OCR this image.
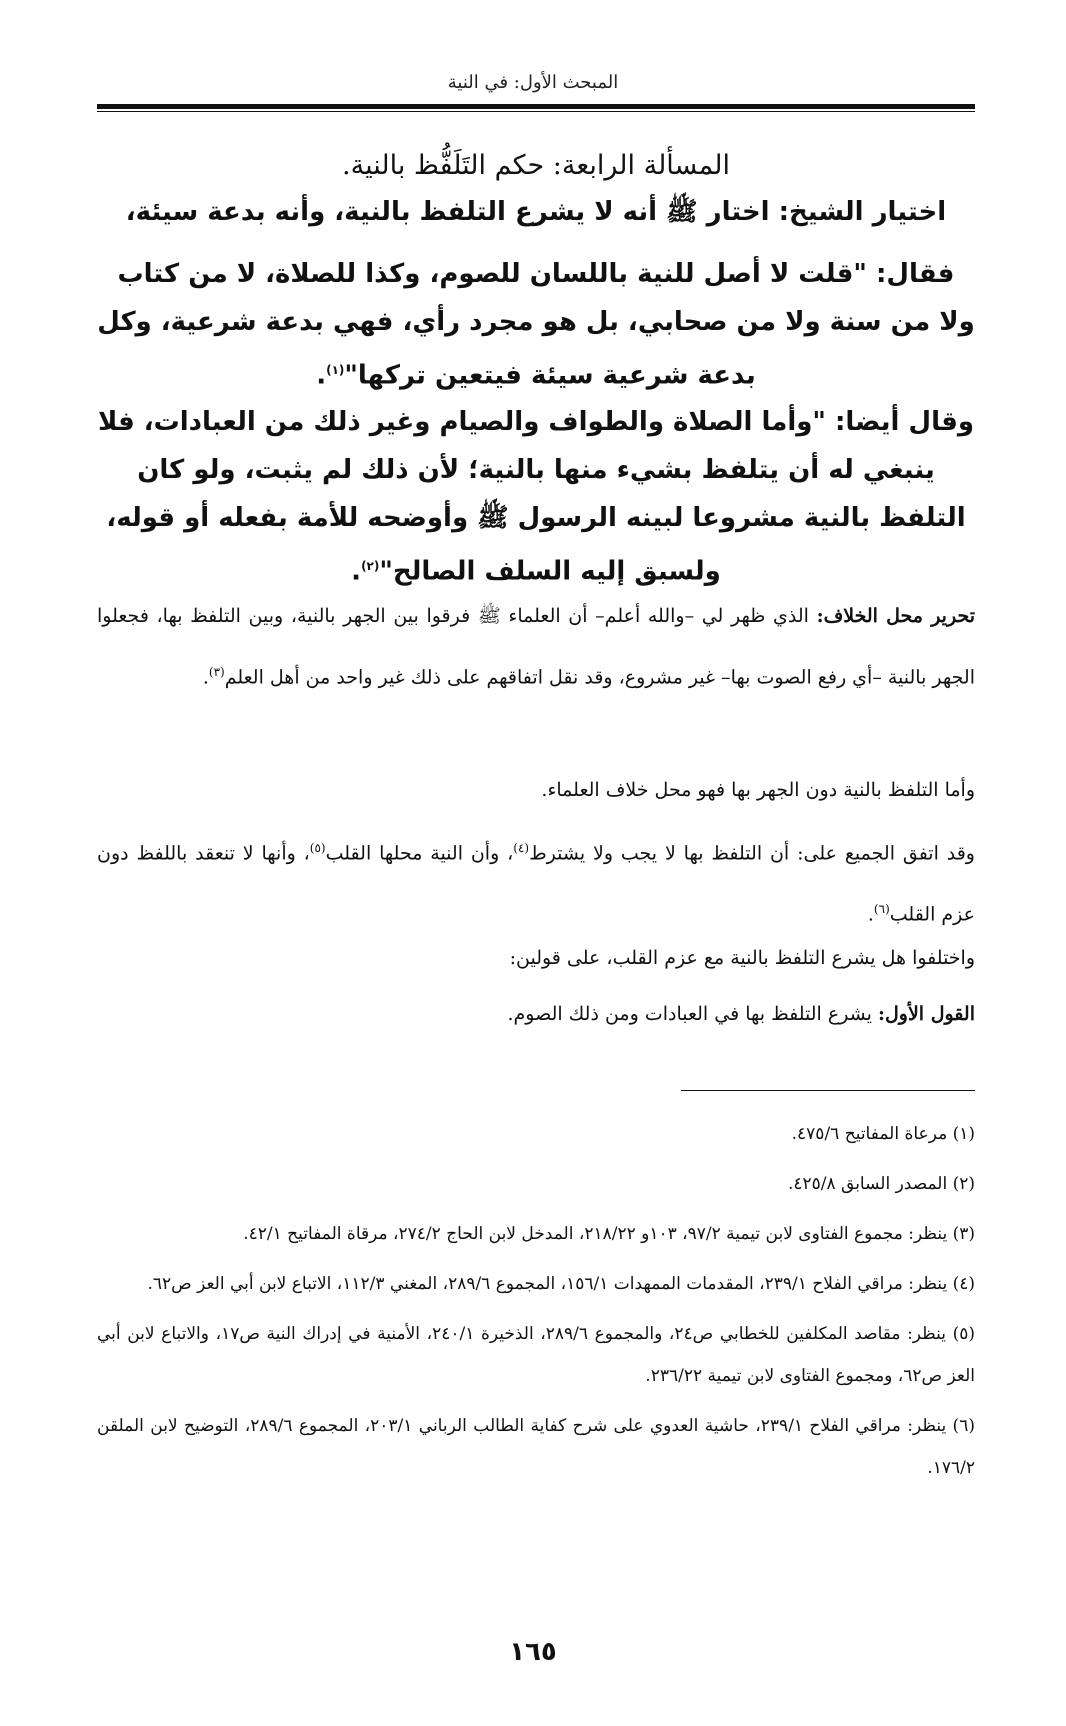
المبحث الأول: في النية
المسألة الرابعة: حكم التَلَفُّظ بالنية.
اختيار الشيخ: اختار ﷺ أنه لا يشرع التلفظ بالنية، وأنه بدعة سيئة،
فقال: "قلت لا أصل للنية باللسان للصوم، وكذا للصلاة، لا من كتاب ولا من سنة ولا من صحابي، بل هو مجرد رأي، فهي بدعة شرعية، وكل بدعة شرعية سيئة فيتعين تركها"$^{(١)}$.
وقال أيضا: "وأما الصلاة والطواف والصيام وغير ذلك من العبادات، فلا ينبغي له أن يتلفظ بشيء منها بالنية؛ لأن ذلك لم يثبت، ولو كان التلفظ بالنية مشروعا لبينه الرسول ﷺ وأوضحه للأمة بفعله أو قوله، ولسبق إليه السلف الصالح"$^{(٢)}$.
تحرير محل الخلاف: الذي ظهر لي –والله أعلم– أن العلماء ﷺ فرقوا بين الجهر بالنية، وبين التلفظ بها، فجعلوا الجهر بالنية –أي رفع الصوت بها– غير مشروع، وقد نقل اتفاقهم على ذلك غير واحد من أهل العلم$^{(٣)}$.
وأما التلفظ بالنية دون الجهر بها فهو محل خلاف العلماء.
وقد اتفق الجميع على: أن التلفظ بها لا يجب ولا يشترط$^{(٤)}$، وأن النية محلها القلب$^{(٥)}$، وأنها لا تنعقد باللفظ دون عزم القلب$^{(٦)}$.
واختلفوا هل يشرع التلفظ بالنية مع عزم القلب، على قولين:
القول الأول: يشرع التلفظ بها في العبادات ومن ذلك الصوم.

(١) مرعاة المفاتيح ٤٧٥/٦.

(٢) المصدر السابق ٤٢٥/٨.

(٣) ينظر: مجموع الفتاوى لابن تيمية ٩٧/٢، ١٠٣و ٢١٨/٢٢، المدخل لابن الحاج ٢٧٤/٢، مرقاة المفاتيح ٤٢/١.

(٤) ينظر: مراقي الفلاح ٢٣٩/١، المقدمات الممهدات ١٥٦/١، المجموع ٢٨٩/٦، المغني ١١٢/٣، الاتباع لابن أبي العز ص٦٢.

(٥) ينظر: مقاصد المكلفين للخطابي ص٢٤، والمجموع ٢٨٩/٦، الذخيرة ٢٤٠/١، الأمنية في إدراك النية ص١٧، والاتباع لابن أبي العز ص٦٢، ومجموع الفتاوى لابن تيمية ٢٣٦/٢٢.

(٦) ينظر: مراقي الفلاح ٢٣٩/١، حاشية العدوي على شرح كفاية الطالب الرباني ٢٠٣/١، المجموع ٢٨٩/٦، التوضيح لابن الملقن ١٧٦/٢.

١٦٥
